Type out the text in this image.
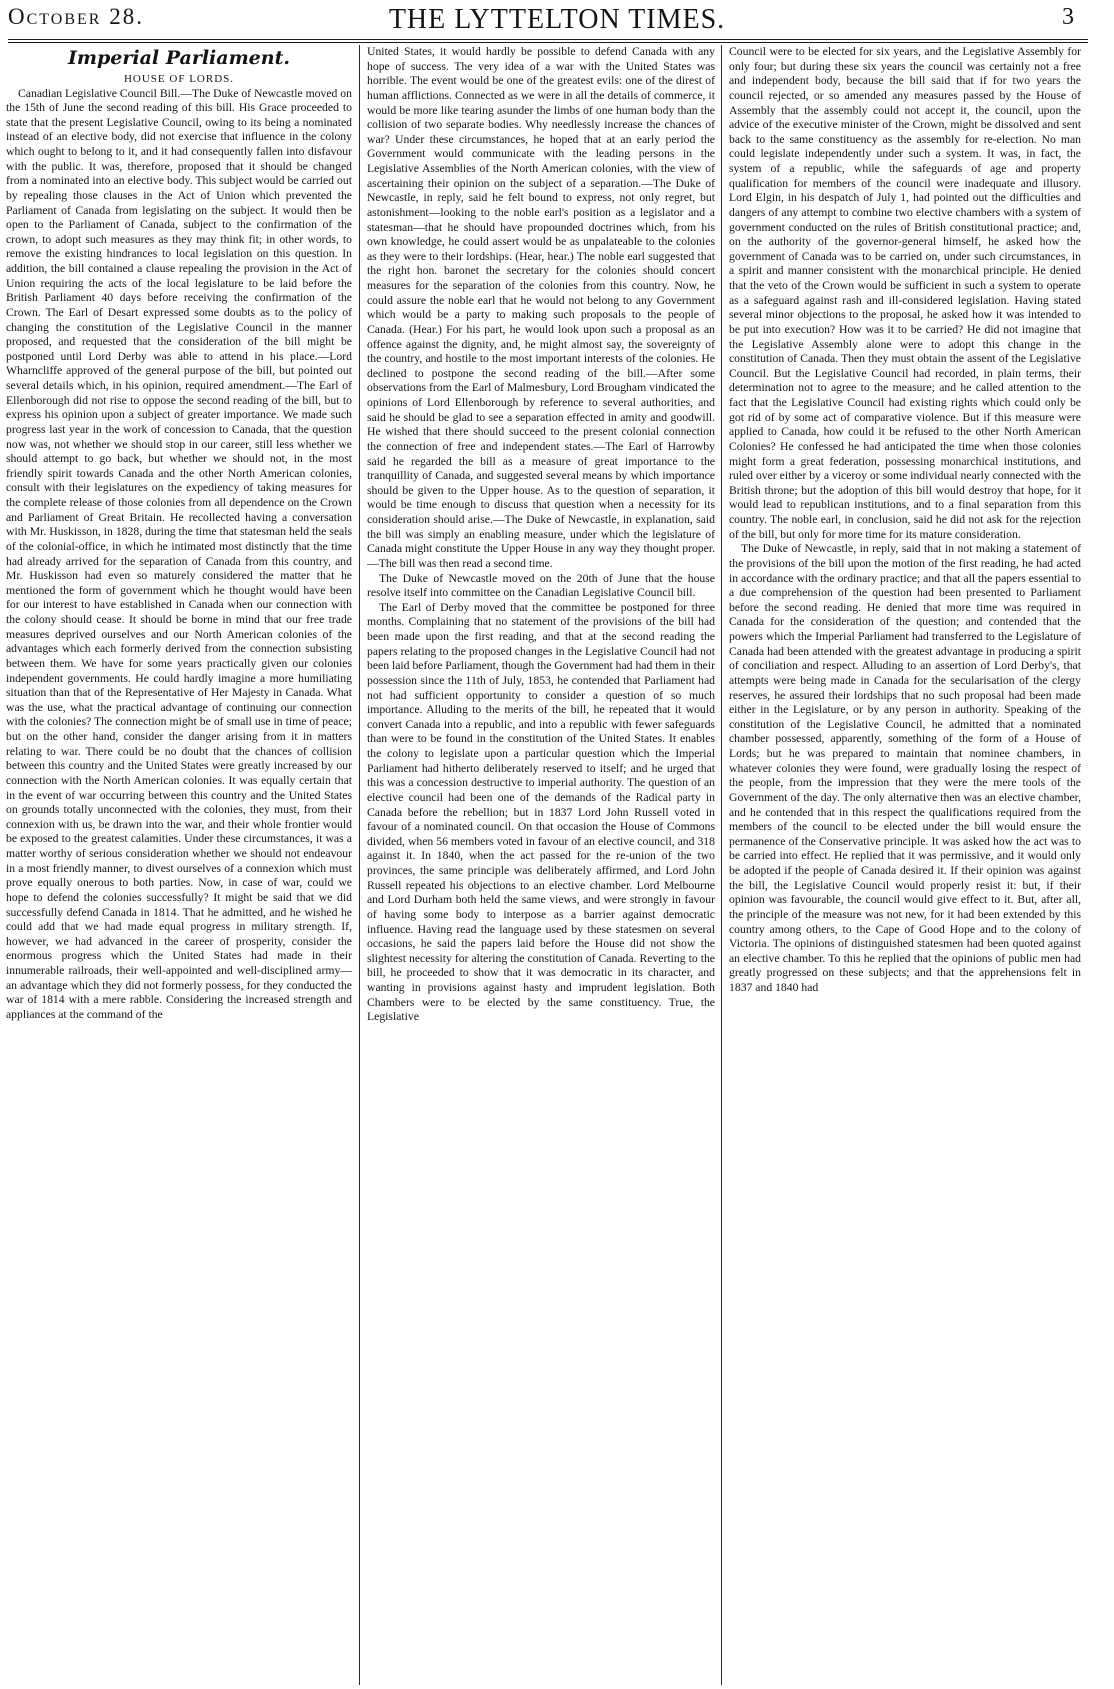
October 28.	THE LYTTELTON TIMES.	3
Imperial Parliament.
HOUSE OF LORDS.

Canadian Legislative Council Bill.—The Duke of Newcastle moved on the 15th of June the second reading of this bill. His Grace proceeded to state that the present Legislative Council, owing to its being a nominated instead of an elective body, did not exercise that influence in the colony which ought to belong to it, and it had consequently fallen into disfavour with the public. It was, therefore, proposed that it should be changed from a nominated into an elective body. This subject would be carried out by repealing those clauses in the Act of Union which prevented the Parliament of Canada from legislating on the subject. It would then be open to the Parliament of Canada, subject to the confirmation of the crown, to adopt such measures as they may think fit; in other words, to remove the existing hindrances to local legislation on this question. In addition, the bill contained a clause repealing the provision in the Act of Union requiring the acts of the local legislature to be laid before the British Parliament 40 days before receiving the confirmation of the Crown. The Earl of Desart expressed some doubts as to the policy of changing the constitution of the Legislative Council in the manner proposed, and requested that the consideration of the bill might be postponed until Lord Derby was able to attend in his place.—Lord Wharncliffe approved of the general purpose of the bill, but pointed out several details which, in his opinion, required amendment.—The Earl of Ellenborough did not rise to oppose the second reading of the bill, but to express his opinion upon a subject of greater importance. We made such progress last year in the work of concession to Canada, that the question now was, not whether we should stop in our career, still less whether we should attempt to go back, but whether we should not, in the most friendly spirit towards Canada and the other North American colonies, consult with their legislatures on the expediency of taking measures for the complete release of those colonies from all dependence on the Crown and Parliament of Great Britain. He recollected having a conversation with Mr. Huskisson, in 1828, during the time that statesman held the seals of the colonial-office, in which he intimated most distinctly that the time had already arrived for the separation of Canada from this country, and Mr. Huskisson had even so maturely considered the matter that he mentioned the form of government which he thought would have been for our interest to have established in Canada when our connection with the colony should cease. It should be borne in mind that our free trade measures deprived ourselves and our North American colonies of the advantages which each formerly derived from the connection subsisting between them. We have for some years practically given our colonies independent governments. He could hardly imagine a more humiliating situation than that of the Representative of Her Majesty in Canada. What was the use, what the practical advantage of continuing our connection with the colonies? The connection might be of small use in time of peace; but on the other hand, consider the danger arising from it in matters relating to war. There could be no doubt that the chances of collision between this country and the United States were greatly increased by our connection with the North American colonies. It was equally certain that in the event of war occurring between this country and the United States on grounds totally unconnected with the colonies, they must, from their connexion with us, be drawn into the war, and their whole frontier would be exposed to the greatest calamities. Under these circumstances, it was a matter worthy of serious consideration whether we should not endeavour in a most friendly manner, to divest ourselves of a connexion which must prove equally onerous to both parties. Now, in case of war, could we hope to defend the colonies successfully? It might be said that we did successfully defend Canada in 1814. That he admitted, and he wished he could add that we had made equal progress in military strength. If, however, we had advanced in the career of prosperity, consider the enormous progress which the United States had made in their innumerable railroads, their well-appointed and well-disciplined army—an advantage which they did not formerly possess, for they conducted the war of 1814 with a mere rabble. Considering the increased strength and appliances at the command of the

United States, it would hardly be possible to defend Canada with any hope of success. The very idea of a war with the United States was horrible. The event would be one of the greatest evils: one of the direst of human afflictions. Connected as we were in all the details of commerce, it would be more like tearing asunder the limbs of one human body than the collision of two separate bodies. Why needlessly increase the chances of war? Under these circumstances, he hoped that at an early period the Government would communicate with the leading persons in the Legislative Assemblies of the North American colonies, with the view of ascertaining their opinion on the subject of a separation.—The Duke of Newcastle, in reply, said he felt bound to express, not only regret, but astonishment—looking to the noble earl's position as a legislator and a statesman—that he should have propounded doctrines which, from his own knowledge, he could assert would be as unpalateable to the colonies as they were to their lordships. (Hear, hear.) The noble earl suggested that the right hon. baronet the secretary for the colonies should concert measures for the separation of the colonies from this country. Now, he could assure the noble earl that he would not belong to any Government which would be a party to making such proposals to the people of Canada. (Hear.) For his part, he would look upon such a proposal as an offence against the dignity, and, he might almost say, the sovereignty of the country, and hostile to the most important interests of the colonies. He declined to postpone the second reading of the bill.—After some observations from the Earl of Malmesbury, Lord Brougham vindicated the opinions of Lord Ellenborough by reference to several authorities, and said he should be glad to see a separation effected in amity and goodwill. He wished that there should succeed to the present colonial connection the connection of free and independent states.—The Earl of Harrowby said he regarded the bill as a measure of great importance to the tranquillity of Canada, and suggested several means by which importance should be given to the Upper house. As to the question of separation, it would be time enough to discuss that question when a necessity for its consideration should arise.—The Duke of Newcastle, in explanation, said the bill was simply an enabling measure, under which the legislature of Canada might constitute the Upper House in any way they thought proper.—The bill was then read a second time.

The Duke of Newcastle moved on the 20th of June that the house resolve itself into committee on the Canadian Legislative Council bill.

The Earl of Derby moved that the committee be postponed for three months. Complaining that no statement of the provisions of the bill had been made upon the first reading, and that at the second reading the papers relating to the proposed changes in the Legislative Council had not been laid before Parliament, though the Government had had them in their possession since the 11th of July, 1853, he contended that Parliament had not had sufficient opportunity to consider a question of so much importance. Alluding to the merits of the bill, he repeated that it would convert Canada into a republic, and into a republic with fewer safeguards than were to be found in the constitution of the United States. It enables the colony to legislate upon a particular question which the Imperial Parliament had hitherto deliberately reserved to itself; and he urged that this was a concession destructive to imperial authority. The question of an elective council had been one of the demands of the Radical party in Canada before the rebellion; but in 1837 Lord John Russell voted in favour of a nominated council. On that occasion the House of Commons divided, when 56 members voted in favour of an elective council, and 318 against it. In 1840, when the act passed for the re-union of the two provinces, the same principle was deliberately affirmed, and Lord John Russell repeated his objections to an elective chamber. Lord Melbourne and Lord Durham both held the same views, and were strongly in favour of having some body to interpose as a barrier against democratic influence. Having read the language used by these statesmen on several occasions, he said the papers laid before the House did not show the slightest necessity for altering the constitution of Canada. Reverting to the bill, he proceeded to show that it was democratic in its character, and wanting in provisions against hasty and imprudent legislation. Both Chambers were to be elected by the same constituency. True, the Legislative

Council were to be elected for six years, and the Legislative Assembly for only four; but during these six years the council was certainly not a free and independent body, because the bill said that if for two years the council rejected, or so amended any measures passed by the House of Assembly that the assembly could not accept it, the council, upon the advice of the executive minister of the Crown, might be dissolved and sent back to the same constituency as the assembly for re-election. No man could legislate independently under such a system. It was, in fact, the system of a republic, while the safeguards of age and property qualification for members of the council were inadequate and illusory. Lord Elgin, in his despatch of July 1, had pointed out the difficulties and dangers of any attempt to combine two elective chambers with a system of government conducted on the rules of British constitutional practice; and, on the authority of the governor-general himself, he asked how the government of Canada was to be carried on, under such circumstances, in a spirit and manner consistent with the monarchical principle. He denied that the veto of the Crown would be sufficient in such a system to operate as a safeguard against rash and ill-considered legislation. Having stated several minor objections to the proposal, he asked how it was intended to be put into execution? How was it to be carried? He did not imagine that the Legislative Assembly alone were to adopt this change in the constitution of Canada. Then they must obtain the assent of the Legislative Council. But the Legislative Council had recorded, in plain terms, their determination not to agree to the measure; and he called attention to the fact that the Legislative Council had existing rights which could only be got rid of by some act of comparative violence. But if this measure were applied to Canada, how could it be refused to the other North American Colonies? He confessed he had anticipated the time when those colonies might form a great federation, possessing monarchical institutions, and ruled over either by a viceroy or some individual nearly connected with the British throne; but the adoption of this bill would destroy that hope, for it would lead to republican institutions, and to a final separation from this country. The noble earl, in conclusion, said he did not ask for the rejection of the bill, but only for more time for its mature consideration.

The Duke of Newcastle, in reply, said that in not making a statement of the provisions of the bill upon the motion of the first reading, he had acted in accordance with the ordinary practice; and that all the papers essential to a due comprehension of the question had been presented to Parliament before the second reading. He denied that more time was required in Canada for the consideration of the question; and contended that the powers which the Imperial Parliament had transferred to the Legislature of Canada had been attended with the greatest advantage in producing a spirit of conciliation and respect. Alluding to an assertion of Lord Derby's, that attempts were being made in Canada for the secularisation of the clergy reserves, he assured their lordships that no such proposal had been made either in the Legislature, or by any person in authority. Speaking of the constitution of the Legislative Council, he admitted that a nominated chamber possessed, apparently, something of the form of a House of Lords; but he was prepared to maintain that nominee chambers, in whatever colonies they were found, were gradually losing the respect of the people, from the impression that they were the mere tools of the Government of the day. The only alternative then was an elective chamber, and he contended that in this respect the qualifications required from the members of the council to be elected under the bill would ensure the permanence of the Conservative principle. It was asked how the act was to be carried into effect. He replied that it was permissive, and it would only be adopted if the people of Canada desired it. If their opinion was against the bill, the Legislative Council would properly resist it: but, if their opinion was favourable, the council would give effect to it. But, after all, the principle of the measure was not new, for it had been extended by this country among others, to the Cape of Good Hope and to the colony of Victoria. The opinions of distinguished statesmen had been quoted against an elective chamber. To this he replied that the opinions of public men had greatly progressed on these subjects; and that the apprehensions felt in 1837 and 1840 had
